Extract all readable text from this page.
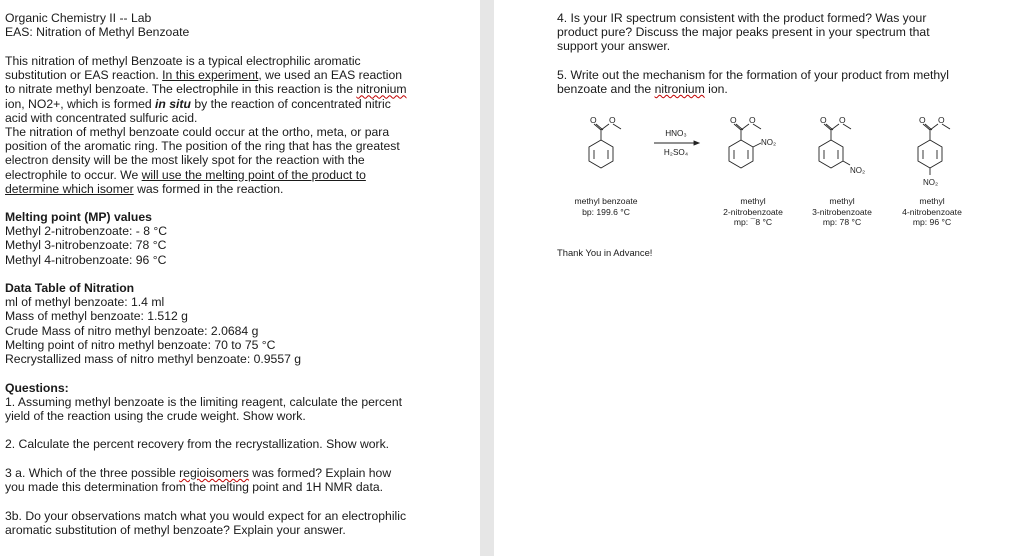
Organic Chemistry II -- Lab

EAS: Nitration of Methyl Benzoate

This nitration of methyl Benzoate is a typical electrophilic aromatic

substitution or EAS reaction. In this experiment, we used an EAS reaction

to nitrate methyl benzoate. The electrophile in this reaction is the nitronium

ion, NO2+, which is formed in situ by the reaction of concentrated nitric

acid with concentrated sulfuric acid.

The nitration of methyl benzoate could occur at the ortho, meta, or para

position of the aromatic ring. The position of the ring that has the greatest

electron density will be the most likely spot for the reaction with the

electrophile to occur. We will use the melting point of the product to

determine which isomer was formed in the reaction.

Melting point (MP) values

Methyl 2-nitrobenzoate: - 8 °C

Methyl 3-nitrobenzoate: 78 °C

Methyl 4-nitrobenzoate: 96 °C

Data Table of Nitration

ml of methyl benzoate: 1.4 ml

Mass of methyl benzoate: 1.512 g

Crude Mass of nitro methyl benzoate: 2.0684 g

Melting point of nitro methyl benzoate: 70 to 75 °C

Recrystallized mass of nitro methyl benzoate: 0.9557 g

Questions:

1. Assuming methyl benzoate is the limiting reagent, calculate the percent

yield of the reaction using the crude weight. Show work.

2. Calculate the percent recovery from the recrystallization. Show work.

3 a. Which of the three possible regioisomers was formed? Explain how

you made this determination from the melting point and 1H NMR data.

3b. Do your observations match what you would expect for an electrophilic

aromatic substitution of methyl benzoate? Explain your answer.

4. Is your IR spectrum consistent with the product formed? Was your

product pure? Discuss the major peaks present in your spectrum that

support your answer.

5. Write out the mechanism for the formation of your product from methyl

benzoate and the nitronium ion.

O O	O O	O O	O O
NO₂
NO₂
NO₂
HNO₃
H₂SO₄
methyl benzoate
bp: 199.6 °C
methyl
2-nitrobenzoate
mp: ¯8 °C
methyl
3-nitrobenzoate
mp: 78 °C
methyl
4-nitrobenzoate
mp: 96 °C
Thank You in Advance!
